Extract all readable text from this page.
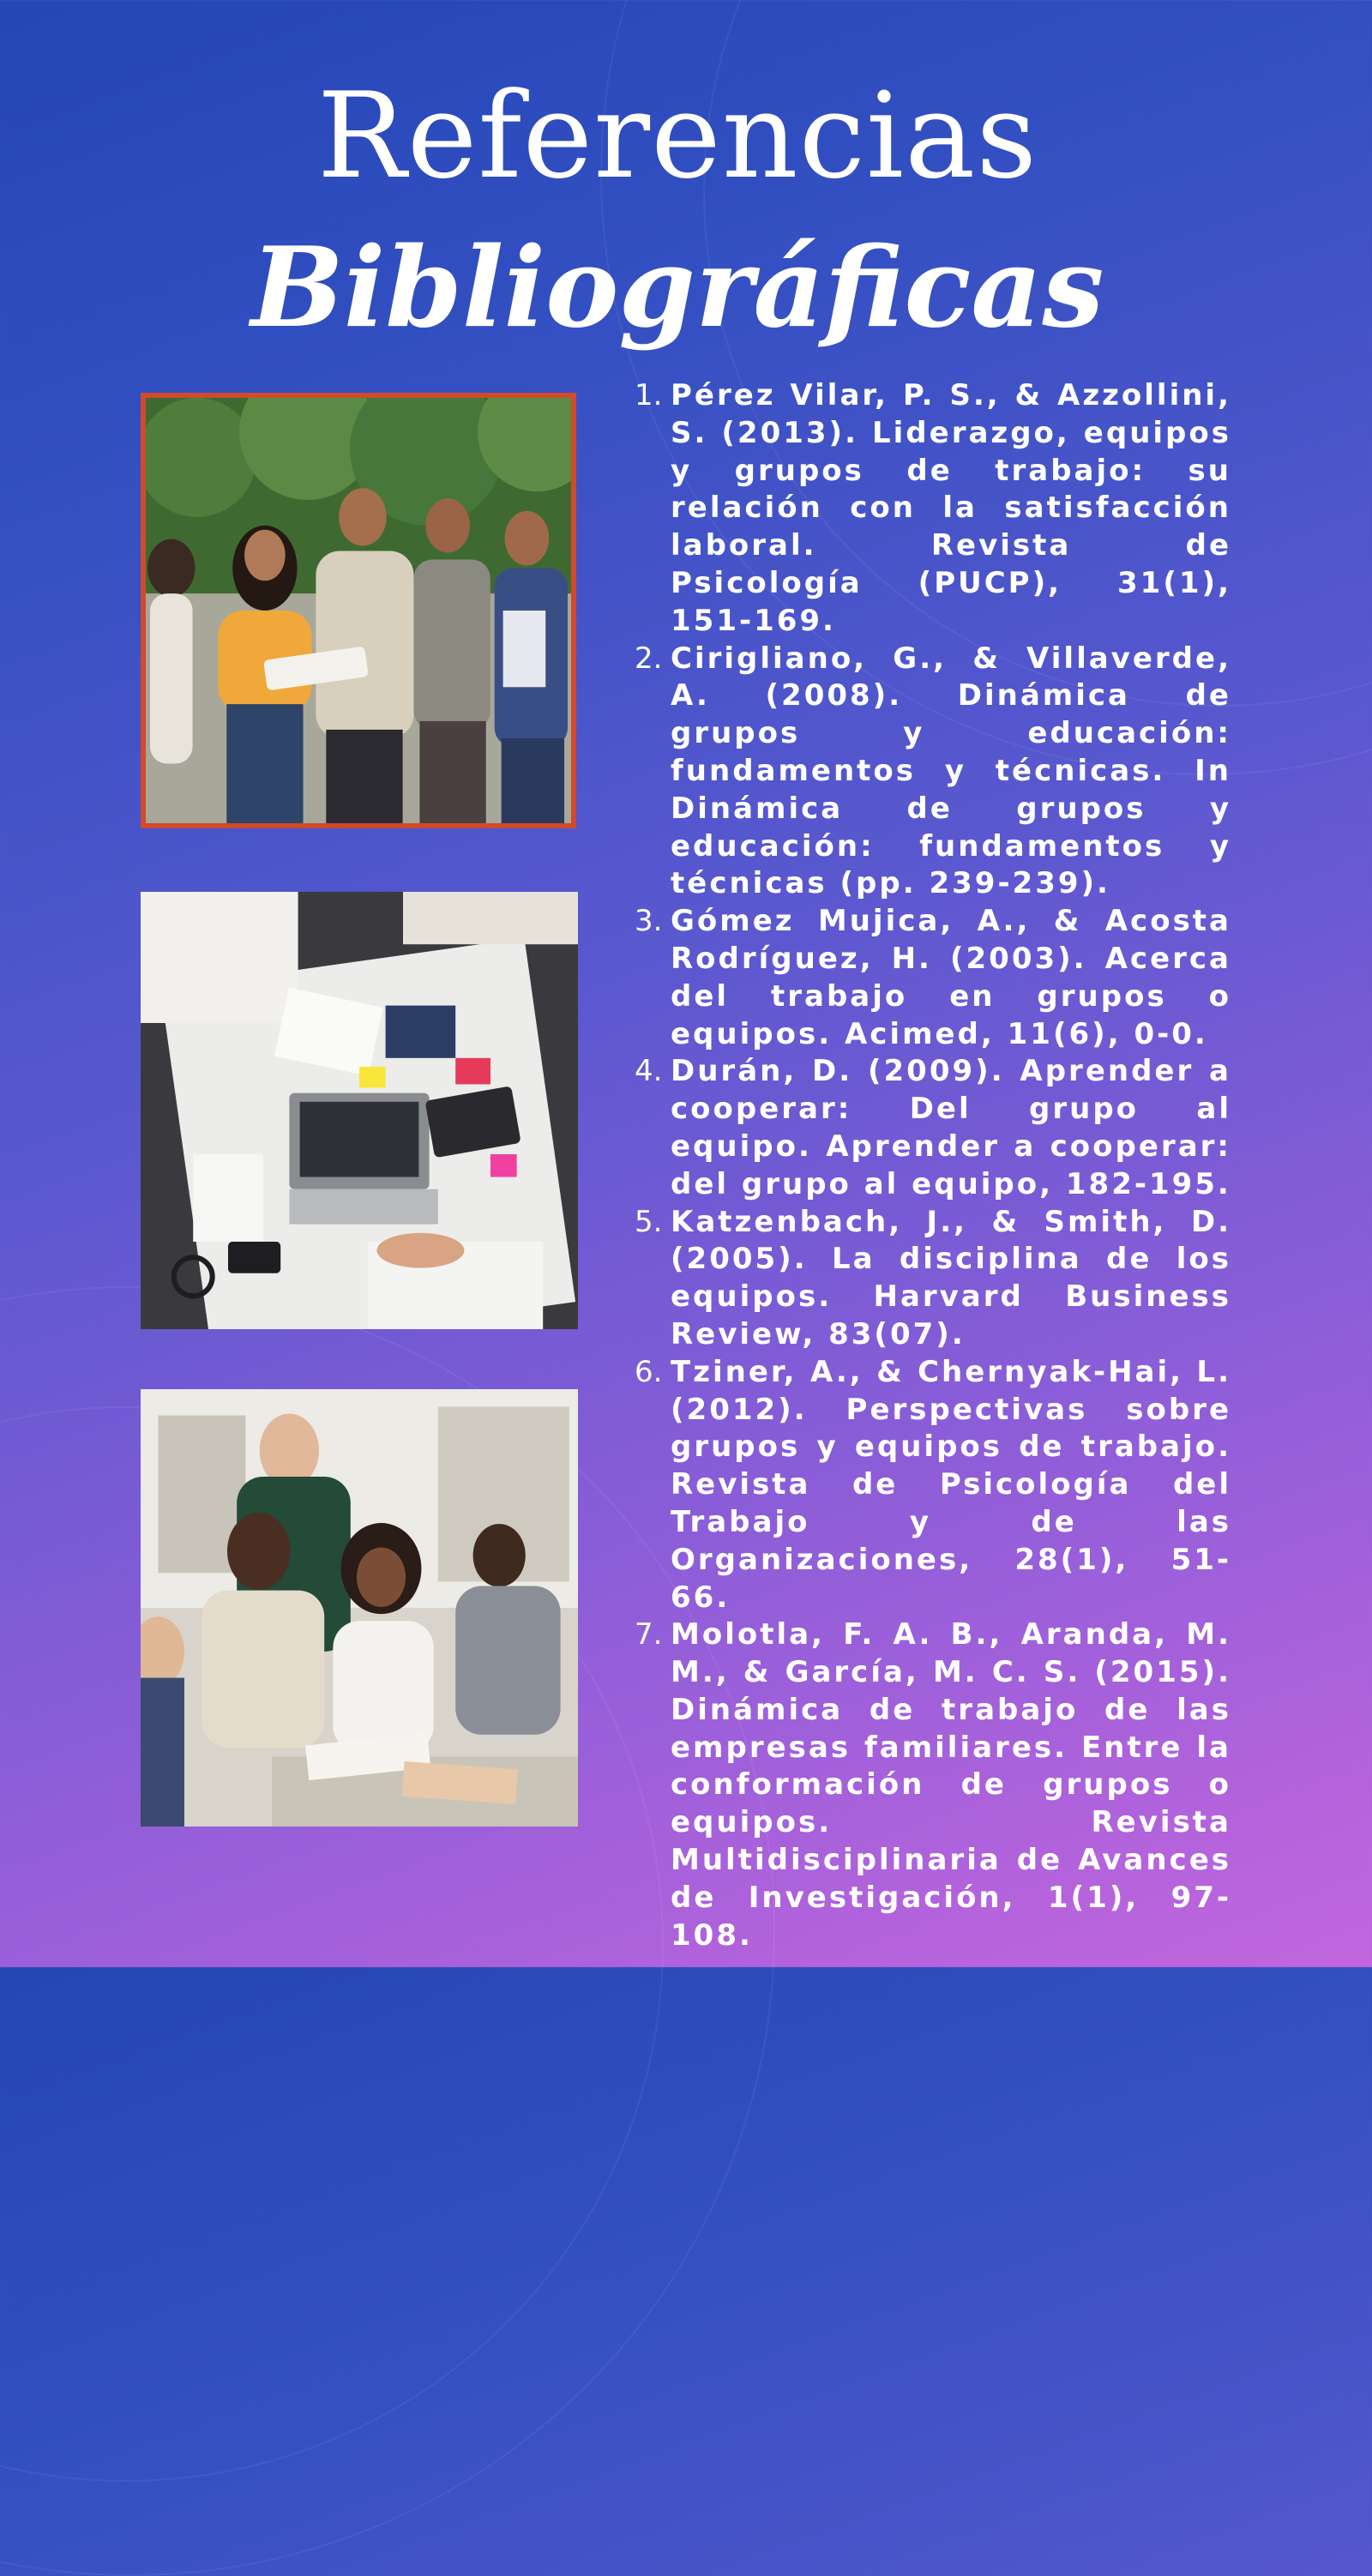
Referencias
Bibliográficas
1. Pérez Vilar, P. S., & Azzollini, S. (2013). Liderazgo, equipos y grupos de trabajo: su relación con la satisfacción laboral. Revista de Psicología (PUCP), 31(1), 151-169.
2. Cirigliano, G., & Villaverde, A. (2008). Dinámica de grupos y educación: fundamentos y técnicas. In Dinámica de grupos y educación: fundamentos y técnicas (pp. 239-239).
3. Gómez Mujica, A., & Acosta Rodríguez, H. (2003). Acerca del trabajo en grupos o equipos. Acimed, 11(6), 0-0.
4. Durán, D. (2009). Aprender a cooperar: Del grupo al equipo. Aprender a cooperar: del grupo al equipo, 182-195.
5. Katzenbach, J., & Smith, D. (2005). La disciplina de los equipos. Harvard Business Review, 83(07).
6. Tziner, A., & Chernyak-Hai, L. (2012). Perspectivas sobre grupos y equipos de trabajo. Revista de Psicología del Trabajo y de las Organizaciones, 28(1), 51-66.
7. Molotla, F. A. B., Aranda, M. M., & García, M. C. S. (2015). Dinámica de trabajo de las empresas familiares. Entre la conformación de grupos o equipos. Revista Multidisciplinaria de Avances de Investigación, 1(1), 97-108.
